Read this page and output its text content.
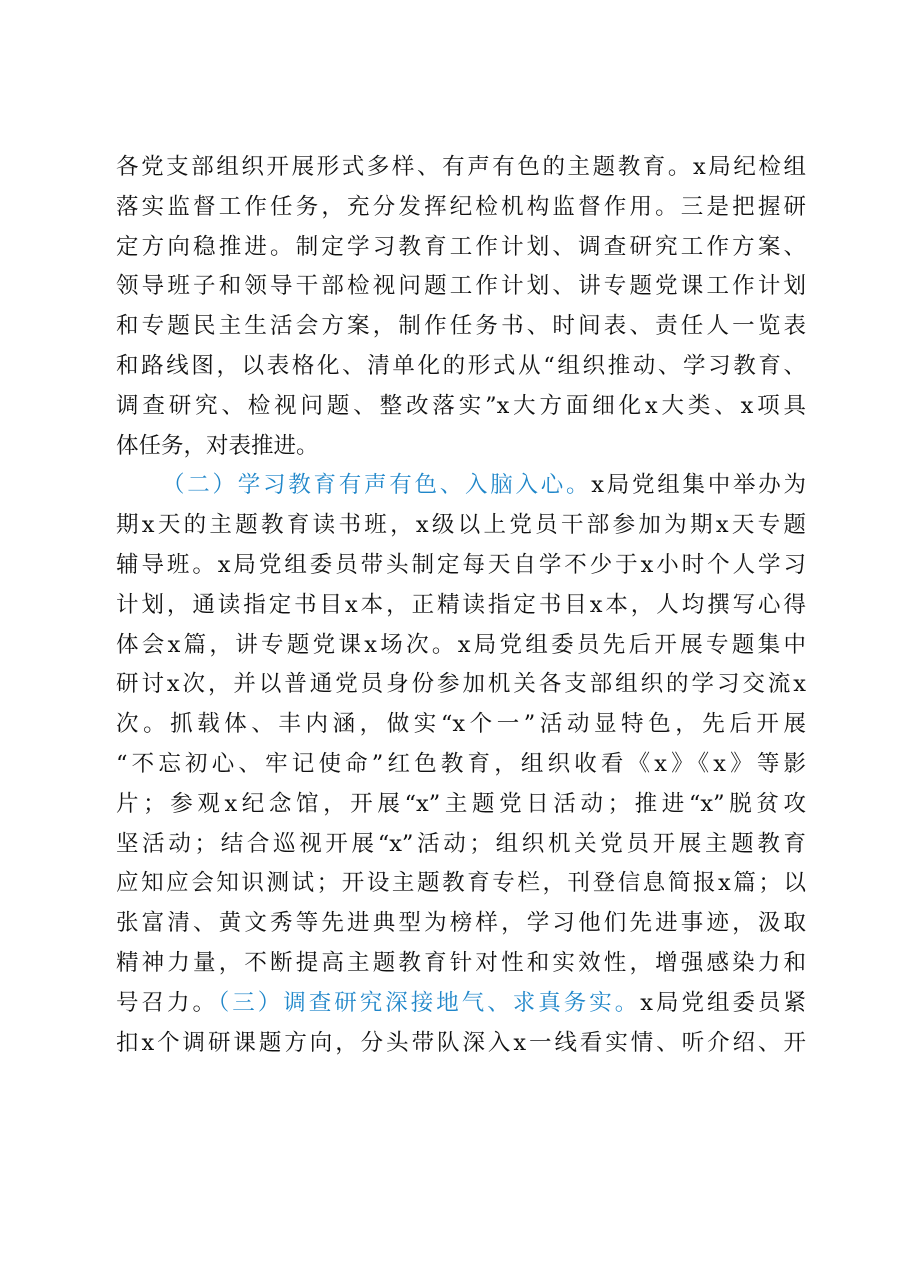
各党支部组织开展形式多样、有声有色的主题教育。x局纪检组
落实监督工作任务，充分发挥纪检机构监督作用。三是把握研
定方向稳推进。制定学习教育工作计划、调查研究工作方案、
领导班子和领导干部检视问题工作计划、讲专题党课工作计划
和专题民主生活会方案，制作任务书、时间表、责任人一览表
和路线图，以表格化、清单化的形式从“组织推动、学习教育、
调查研究、检视问题、整改落实”x大方面细化x大类、x项具
体任务，对表推进。
（二）学习教育有声有色、入脑入心。x局党组集中举办为
期x天的主题教育读书班，x级以上党员干部参加为期x天专题
辅导班。x局党组委员带头制定每天自学不少于x小时个人学习
计划，通读指定书目x本，正精读指定书目x本，人均撰写心得
体会x篇，讲专题党课x场次。x局党组委员先后开展专题集中
研讨x次，并以普通党员身份参加机关各支部组织的学习交流x
次。抓载体、丰内涵，做实“x个一”活动显特色，先后开展
“不忘初心、牢记使命”红色教育，组织收看《x》《x》等影
片；参观x纪念馆，开展“x”主题党日活动；推进“x”脱贫攻
坚活动；结合巡视开展“x”活动；组织机关党员开展主题教育
应知应会知识测试；开设主题教育专栏，刊登信息简报x篇；以
张富清、黄文秀等先进典型为榜样，学习他们先进事迹，汲取
精神力量，不断提高主题教育针对性和实效性，增强感染力和
号召力。（三）调查研究深接地气、求真务实。x局党组委员紧
扣x个调研课题方向，分头带队深入x一线看实情、听介绍、开
